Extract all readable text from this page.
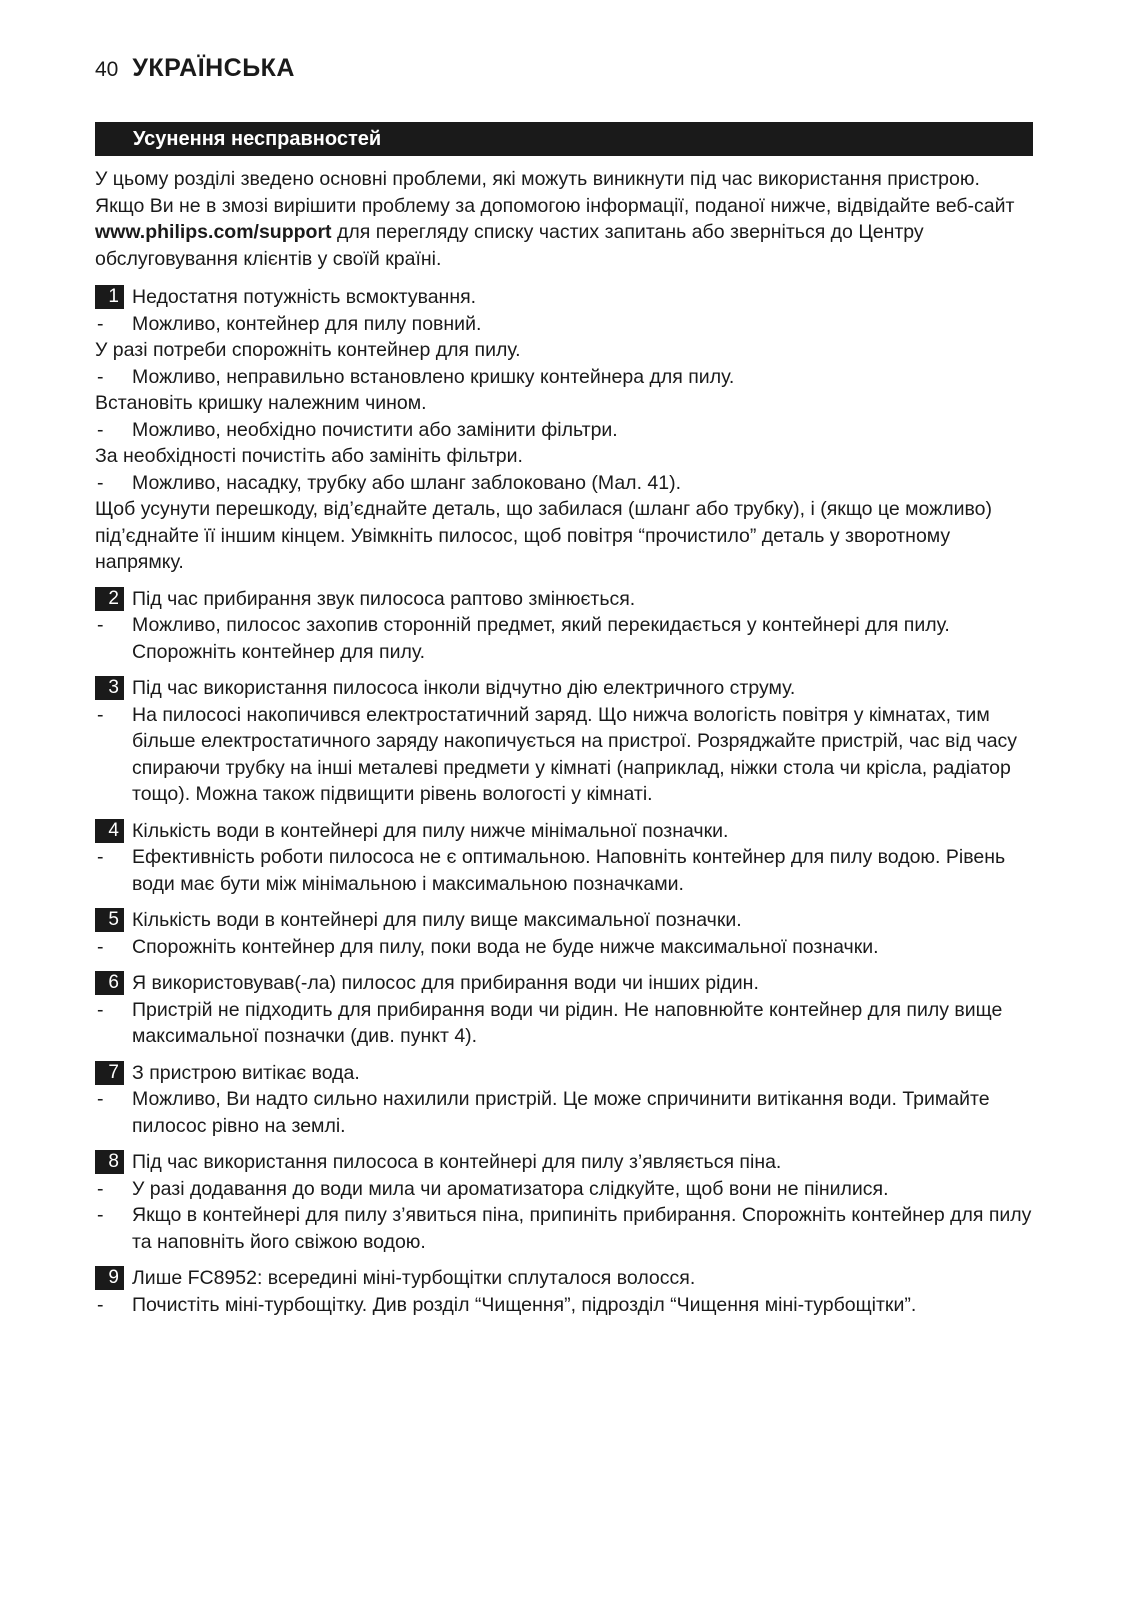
40 УКРАЇНСЬКА
Усунення несправностей

У цьому розділі зведено основні проблеми, які можуть виникнути під час використання пристрою. Якщо Ви не в змозі вирішити проблему за допомогою інформації, поданої нижче, відвідайте веб-сайт www.philips.com/support для перегляду списку частих запитань або зверніться до Центру обслуговування клієнтів у своїй країні.

1 Недостатня потужність всмоктування.
-	Можливо, контейнер для пилу повний.
У разі потреби спорожніть контейнер для пилу.
-	Можливо, неправильно встановлено кришку контейнера для пилу.
Встановіть кришку належним чином.
-	Можливо, необхідно почистити або замінити фільтри.
За необхідності почистіть або замініть фільтри.
-	Можливо, насадку, трубку або шланг заблоковано (Мал. 41).
Щоб усунути перешкоду, від’єднайте деталь, що забилася (шланг або трубку), і (якщо це можливо) під’єднайте її іншим кінцем. Увімкніть пилосос, щоб повітря “прочистило” деталь у зворотному напрямку.
2 Під час прибирання звук пилососа раптово змінюється.
-	Можливо, пилосос захопив сторонній предмет, який перекидається у контейнері для пилу. Спорожніть контейнер для пилу.
3 Під час використання пилососа інколи відчутно дію електричного струму.
-	На пилососі накопичився електростатичний заряд. Що нижча вологість повітря у кімнатах, тим більше електростатичного заряду накопичується на пристрої. Розряджайте пристрій, час від часу спираючи трубку на інші металеві предмети у кімнаті (наприклад, ніжки стола чи крісла, радіатор тощо). Можна також підвищити рівень вологості у кімнаті.
4 Кількість води в контейнері для пилу нижче мінімальної позначки.
-	Ефективність роботи пилососа не є оптимальною. Наповніть контейнер для пилу водою. Рівень води має бути між мінімальною і максимальною позначками.
5 Кількість води в контейнері для пилу вище максимальної позначки.
-	Спорожніть контейнер для пилу, поки вода не буде нижче максимальної позначки.
6 Я використовував(-ла) пилосос для прибирання води чи інших рідин.
-	Пристрій не підходить для прибирання води чи рідин. Не наповнюйте контейнер для пилу вище максимальної позначки (див. пункт 4).
7 З пристрою витікає вода.
-	Можливо, Ви надто сильно нахилили пристрій. Це може спричинити витікання води. Тримайте пилосос рівно на землі.
8 Під час використання пилососа в контейнері для пилу з’являється піна.
-	У разі додавання до води мила чи ароматизатора слідкуйте, щоб вони не пінилися.
-	Якщо в контейнері для пилу з’явиться піна, припиніть прибирання. Спорожніть контейнер для пилу та наповніть його свіжою водою.
9 Лише FC8952: всередині міні-турбощітки сплуталося волосся.
-	Почистіть міні-турбощітку. Див розділ “Чищення”, підрозділ “Чищення міні-турбощітки”.
